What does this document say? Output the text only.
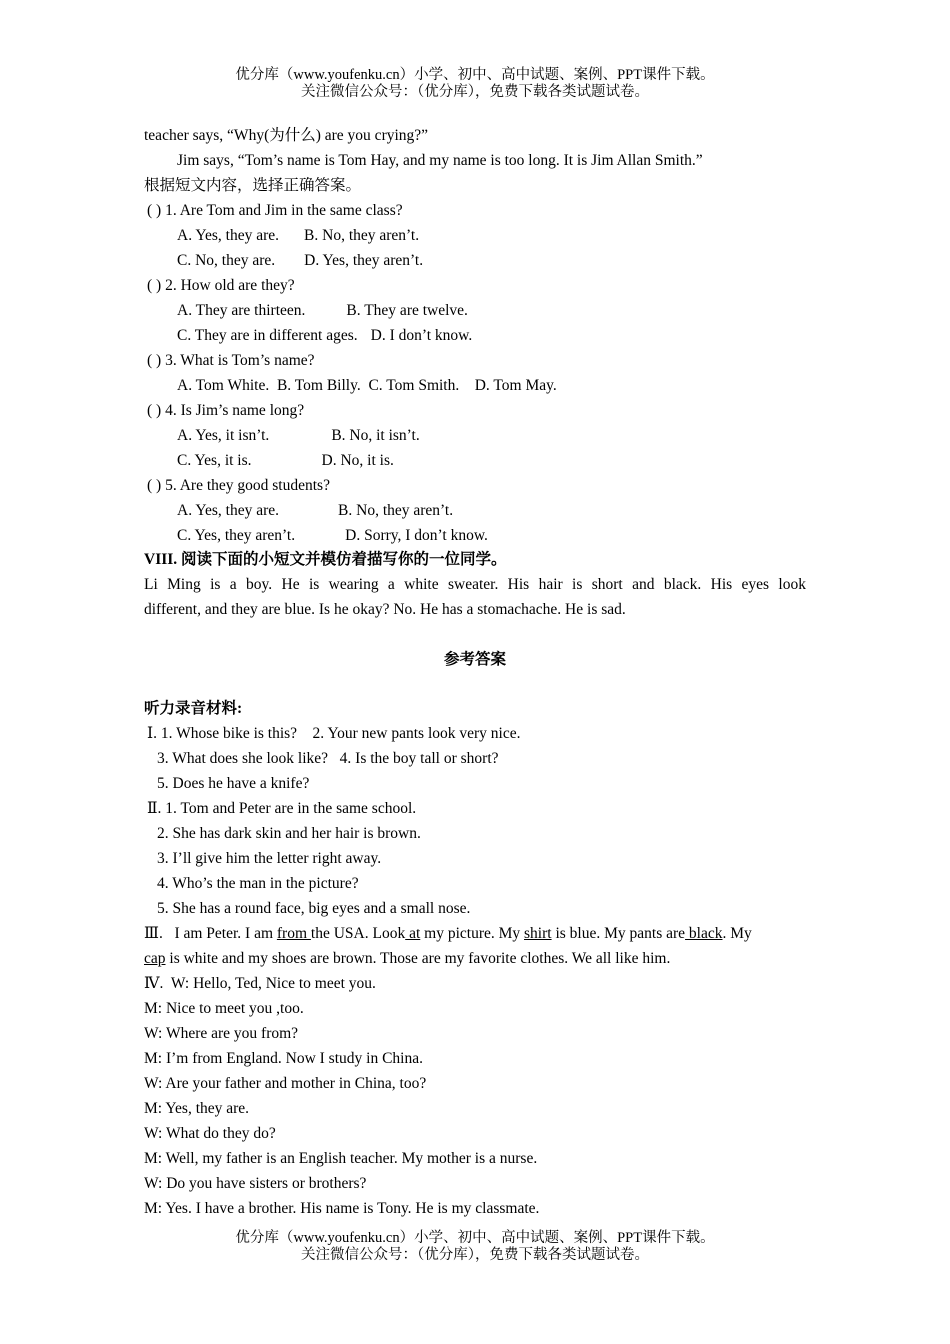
优分库（www.youfenku.cn）小学、初中、高中试题、案例、PPT课件下载。
关注微信公众号：（优分库），免费下载各类试题试卷。
teacher says, “Why(为什么) are you crying?”
Jim says, “Tom’s name is Tom Hay, and my name is too long. It is Jim Allan Smith.”
根据短文内容，选择正确答案。
( ) 1. Are Tom and Jim in the same class?
A. Yes, they are. B. No, they aren’t.
C. No, they are. D. Yes, they aren’t.
( ) 2. How old are they?
A. They are thirteen.	B. They are twelve.
C. They are in different ages. D. I don’t know.
( ) 3. What is Tom’s name?
A. Tom White.  B. Tom Billy.  C. Tom Smith.    D. Tom May.
( ) 4. Is Jim’s name long?
A. Yes, it isn’t.	B. No, it isn’t.
C. Yes, it is.	D. No, it is.
( ) 5. Are they good students?
A. Yes, they are.	B. No, they aren’t.
C. Yes, they aren’t.	D. Sorry, I don’t know.
VIII. 阅读下面的小短文并模仿着描写你的一位同学。
Li Ming is a boy. He is wearing a white sweater. His hair is short and black. His eyes look
different, and they are blue. Is he okay? No. He has a stomachache. He is sad.
参考答案
听力录音材料:
Ⅰ. 1. Whose bike is this?    2. Your new pants look very nice.
3. What does she look like?   4. Is the boy tall or short?
5. Does he have a knife?
Ⅱ. 1. Tom and Peter are in the same school.
2. She has dark skin and her hair is brown.
3. I’ll give him the letter right away.
4. Who’s the man in the picture?
5. She has a round face, big eyes and a small nose.
Ⅲ.   I am Peter. I am from the USA. Look at my picture. My shirt is blue. My pants are black. My
cap is white and my shoes are brown. Those are my favorite clothes. We all like him.
Ⅳ.  W: Hello, Ted, Nice to meet you.
M: Nice to meet you ,too.
W: Where are you from?
M: I’m from England. Now I study in China.
W: Are your father and mother in China, too?
M: Yes, they are.
W: What do they do?
M: Well, my father is an English teacher. My mother is a nurse.
W: Do you have sisters or brothers?
M: Yes. I have a brother. His name is Tony. He is my classmate.
优分库（www.youfenku.cn）小学、初中、高中试题、案例、PPT课件下载。
关注微信公众号：（优分库），免费下载各类试题试卷。
